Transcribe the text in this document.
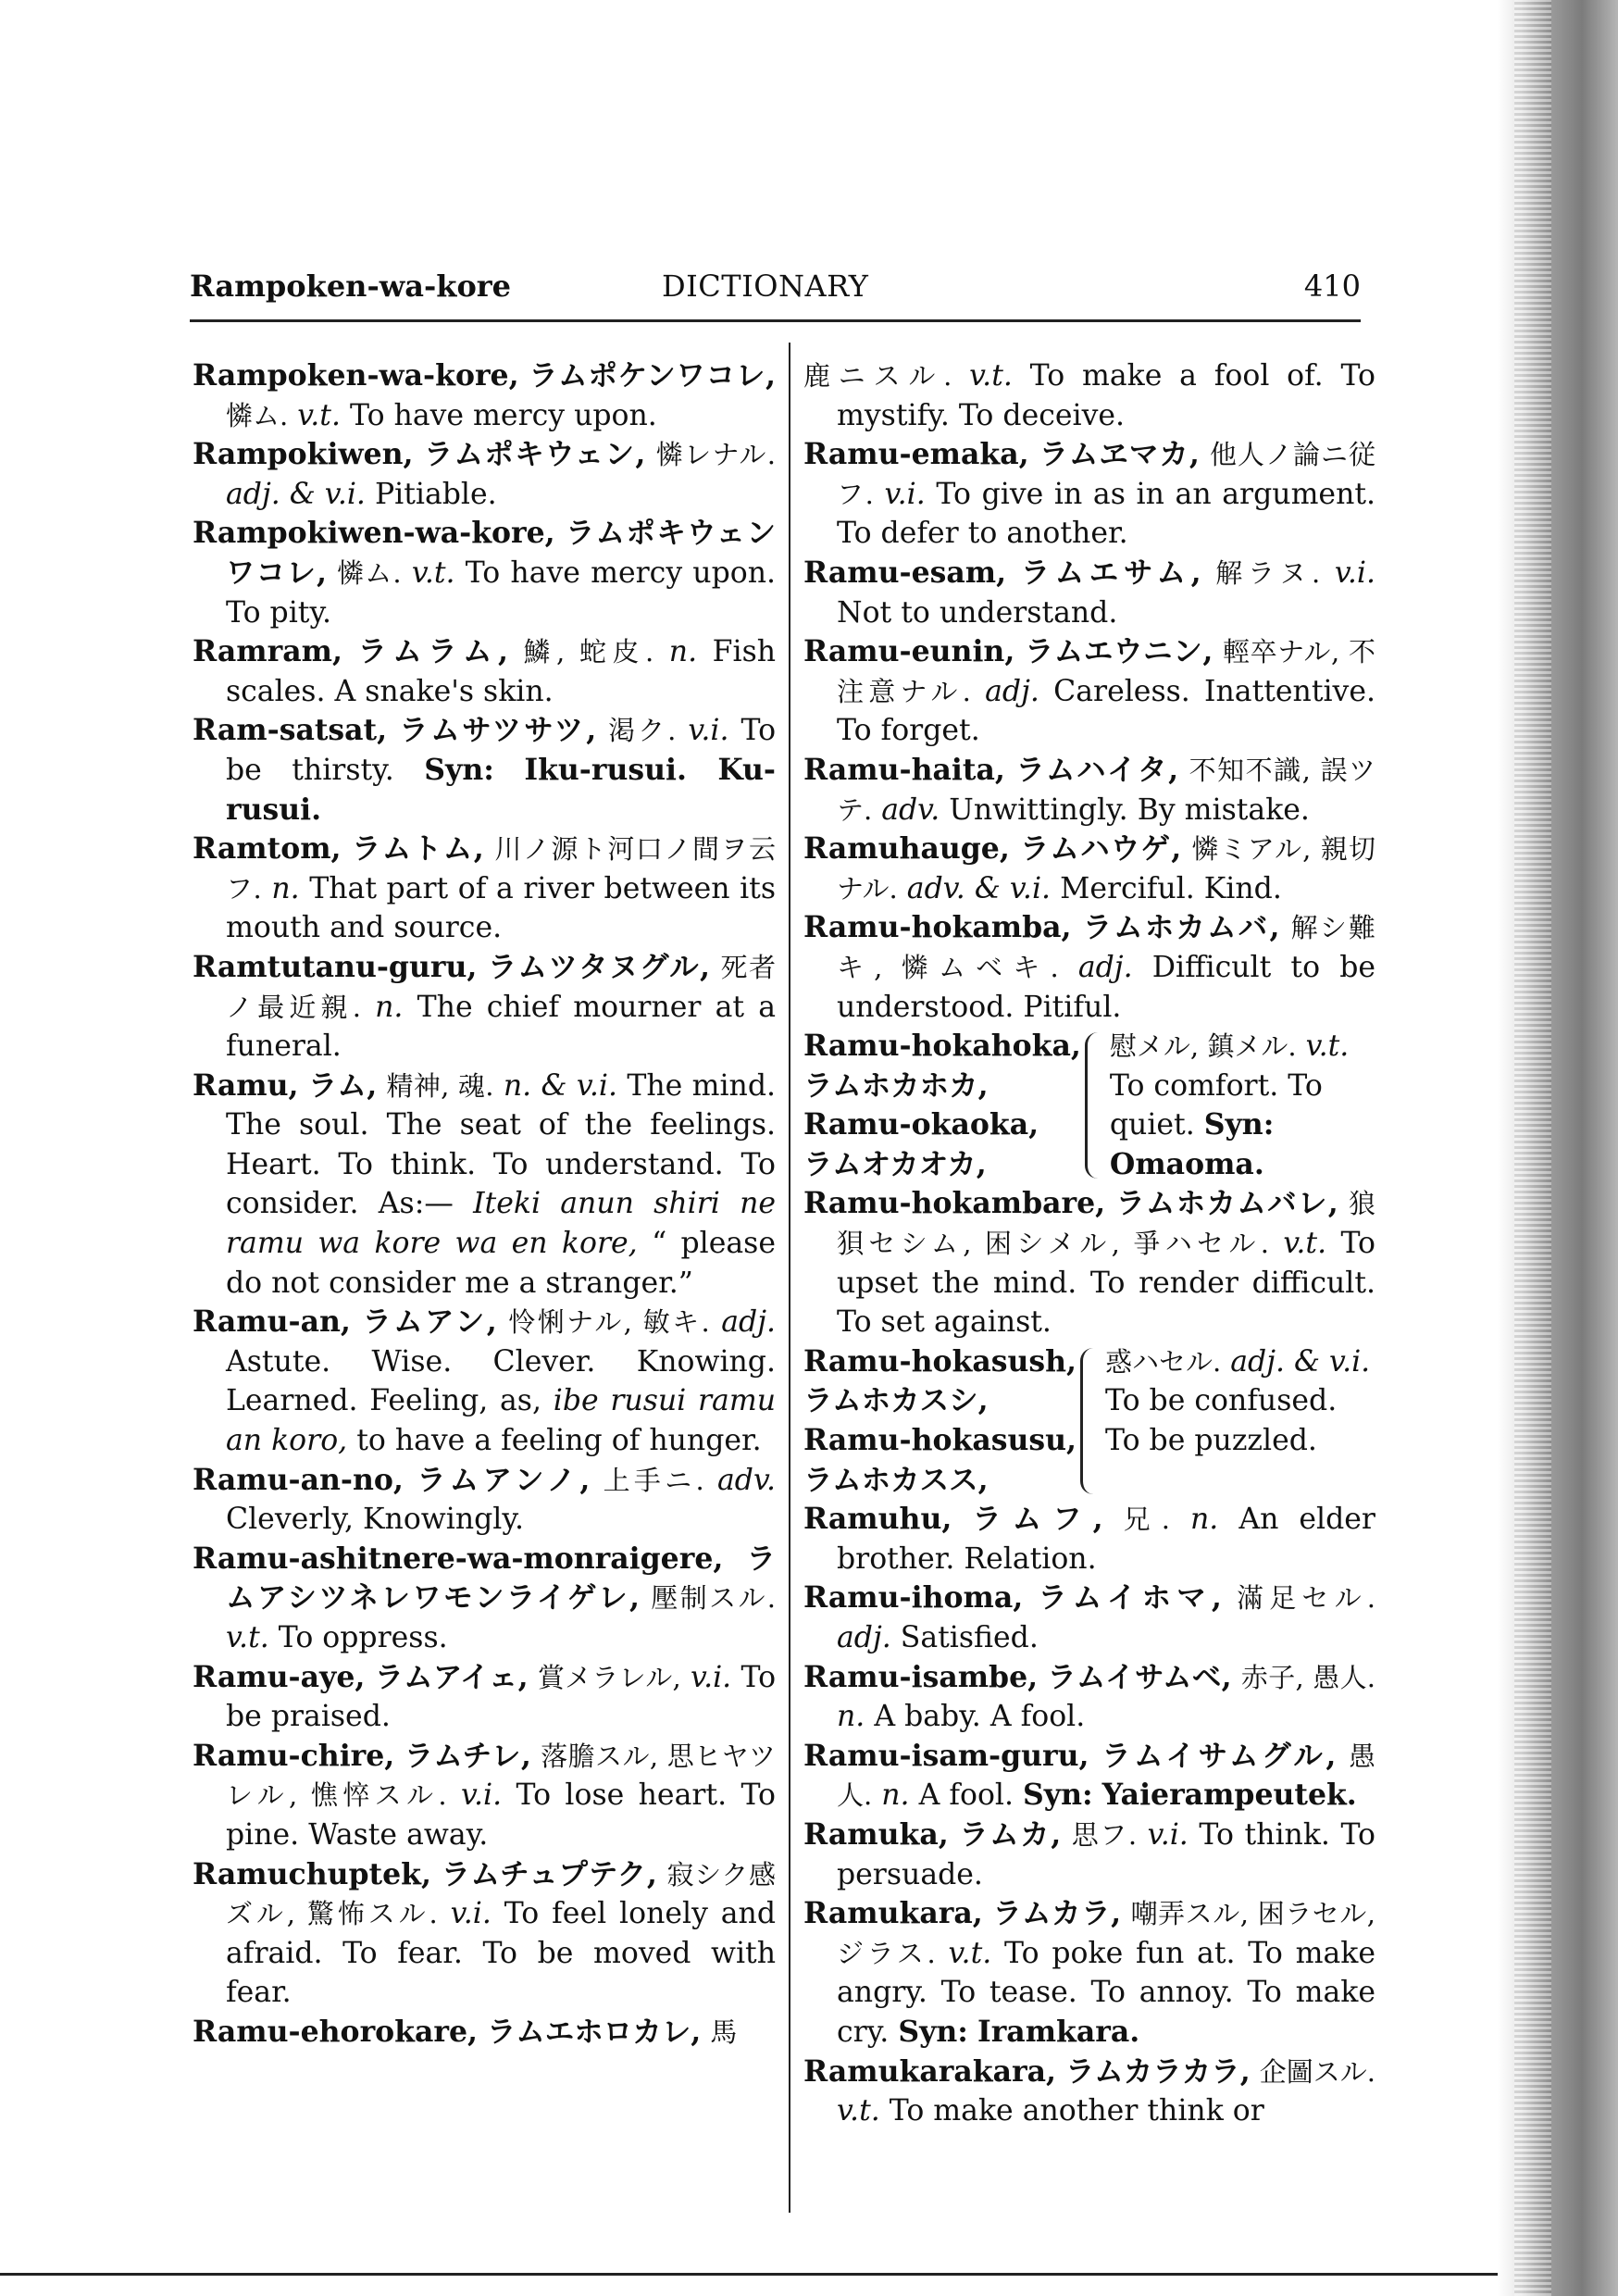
Rampoken-wa-kore	DICTIONARY	410
Rampoken-wa-kore, ラムポケンワコレ, 憐ム. v.t. To have mercy upon.
Rampokiwen, ラムポキウェン, 憐レナル. adj. & v.i. Pitiable.
Rampokiwen-wa-kore, ラムポキウェンワコレ, 憐ム. v.t. To have mercy upon. To pity.
Ramram, ラムラム, 鱗, 蛇皮. n. Fish scales. A snake's skin.
Ram-satsat, ラムサツサツ, 渇ク. v.i. To be thirsty. Syn: Iku-rusui. Ku-rusui.
Ramtom, ラムトム, 川ノ源ト河口ノ間ヲ云フ. n. That part of a river between its mouth and source.
Ramtutanu-guru, ラムツタヌグル, 死者ノ最近親. n. The chief mourner at a funeral.
Ramu, ラム, 精神, 魂. n. & v.i. The mind. The soul. The seat of the feelings. Heart. To think. To understand. To consider. As:— Iteki anun shiri ne ramu wa kore wa en kore, “ please do not consider me a stranger.”
Ramu-an, ラムアン, 怜悧ナル, 敏キ. adj. Astute. Wise. Clever. Knowing. Learned. Feeling, as, ibe rusui ramu an koro, to have a feeling of hunger.
Ramu-an-no, ラムアンノ, 上手ニ. adv. Cleverly, Knowingly.
Ramu-ashitnere-wa-monraigere, ラムアシツネレワモンライゲレ, 壓制スル. v.t. To oppress.
Ramu-aye, ラムアイェ, 賞メラレル, v.i. To be praised.
Ramu-chire, ラムチレ, 落膽スル, 思ヒヤツレル, 憔悴スル. v.i. To lose heart. To pine. Waste away.
Ramuchuptek, ラムチュプテク, 寂シク感ズル, 驚怖スル. v.i. To feel lonely and afraid. To fear. To be moved with fear.
Ramu-ehorokare, ラムエホロカレ, 馬
鹿ニスル. v.t. To make a fool of. To mystify. To deceive.
Ramu-emaka, ラムヱマカ, 他人ノ論ニ従フ. v.i. To give in as in an argument. To defer to another.
Ramu-esam, ラムエサム, 解ラヌ. v.i. Not to understand.
Ramu-eunin, ラムエウニン, 輕卒ナル, 不注意ナル. adj. Careless. Inattentive. To forget.
Ramu-haita, ラムハイタ, 不知不識, 誤ツテ. adv. Unwittingly. By mistake.
Ramuhauge, ラムハウゲ, 憐ミアル, 親切ナル. adv. & v.i. Merciful. Kind.
Ramu-hokamba, ラムホカムバ, 解シ難キ, 憐ムベキ. adj. Difficult to be understood. Pitiful.
Ramu-hokahoka,
ラムホカホカ,
Ramu-okaoka,
ラムオカオカ,
慰メル, 鎮メル. v.t. To comfort. To quiet. Syn: Omaoma.
Ramu-hokambare, ラムホカムバレ, 狼狽セシム, 困シメル, 爭ハセル. v.t. To upset the mind. To render difficult. To set against.
Ramu-hokasush,
ラムホカスシ,
Ramu-hokasusu,
ラムホカスス,
惑ハセル. adj. & v.i. To be confused. To be puzzled.
Ramuhu, ラムフ, 兄. n. An elder brother. Relation.
Ramu-ihoma, ラムイホマ, 滿足セル. adj. Satisfied.
Ramu-isambe, ラムイサムベ, 赤子, 愚人. n. A baby. A fool.
Ramu-isam-guru, ラムイサムグル, 愚人. n. A fool. Syn: Yaierampeutek.
Ramuka, ラムカ, 思フ. v.i. To think. To persuade.
Ramukara, ラムカラ, 嘲弄スル, 困ラセル, ジラス. v.t. To poke fun at. To make angry. To tease. To annoy. To make cry. Syn: Iramkara.
Ramukarakara, ラムカラカラ, 企圖スル. v.t. To make another think or
